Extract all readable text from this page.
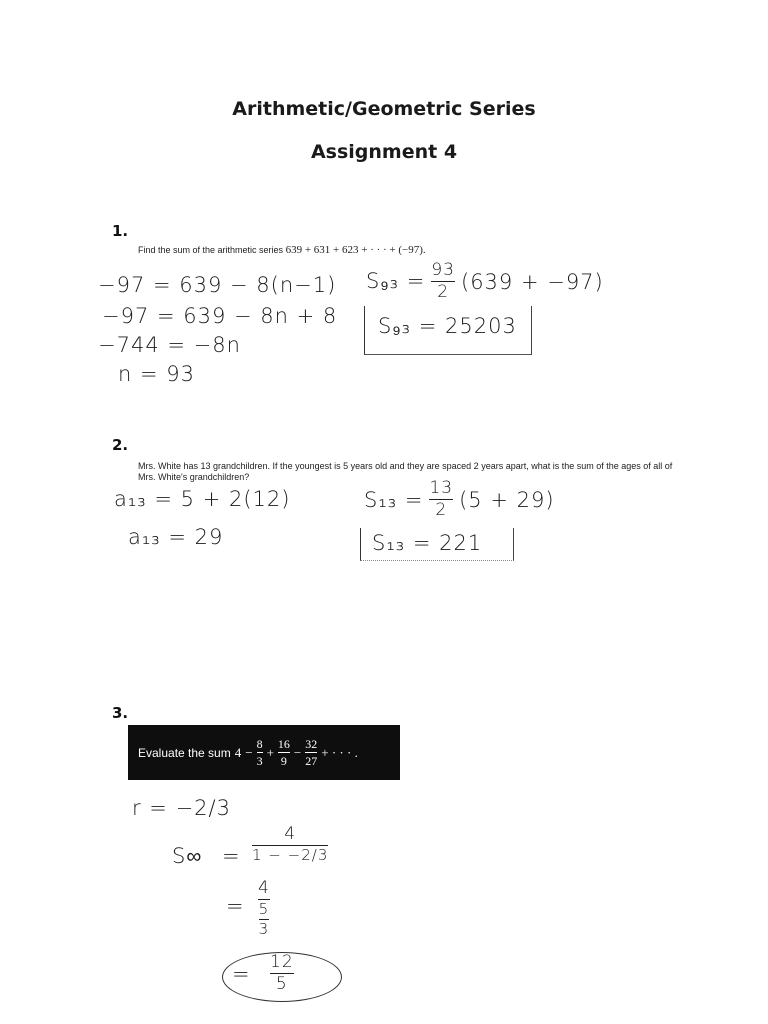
Arithmetic/Geometric Series
Assignment 4
1.
Find the sum of the arithmetic series 639 + 631 + 623 + · · · + (−97).
−97 = 639 − 8(n−1)
−97 = 639 − 8n + 8
−744 = −8n
n = 93
$S_{93} = \frac{93}{2} (639 + -97)$
S₉₃ = 25203
2.
Mrs. White has 13 grandchildren. If the youngest is 5 years old and they are spaced 2 years apart, what is the sum of the ages of all of
Mrs. White's grandchildren?
a₁₃ = 5 + 2(12)
a₁₃ = 29
$S_{13} = \frac{13}{2} (5 + 29)$
S₁₃ = 221
3.
Evaluate the sum 4 −
8
3
+
16
9
−
32
27
+ · · · .
r = −2/3
$S\infty = \frac{4}{1 - -2/3}$
= $\frac{4}{\frac{5}{3}}$
= $\frac{12}{5}$
